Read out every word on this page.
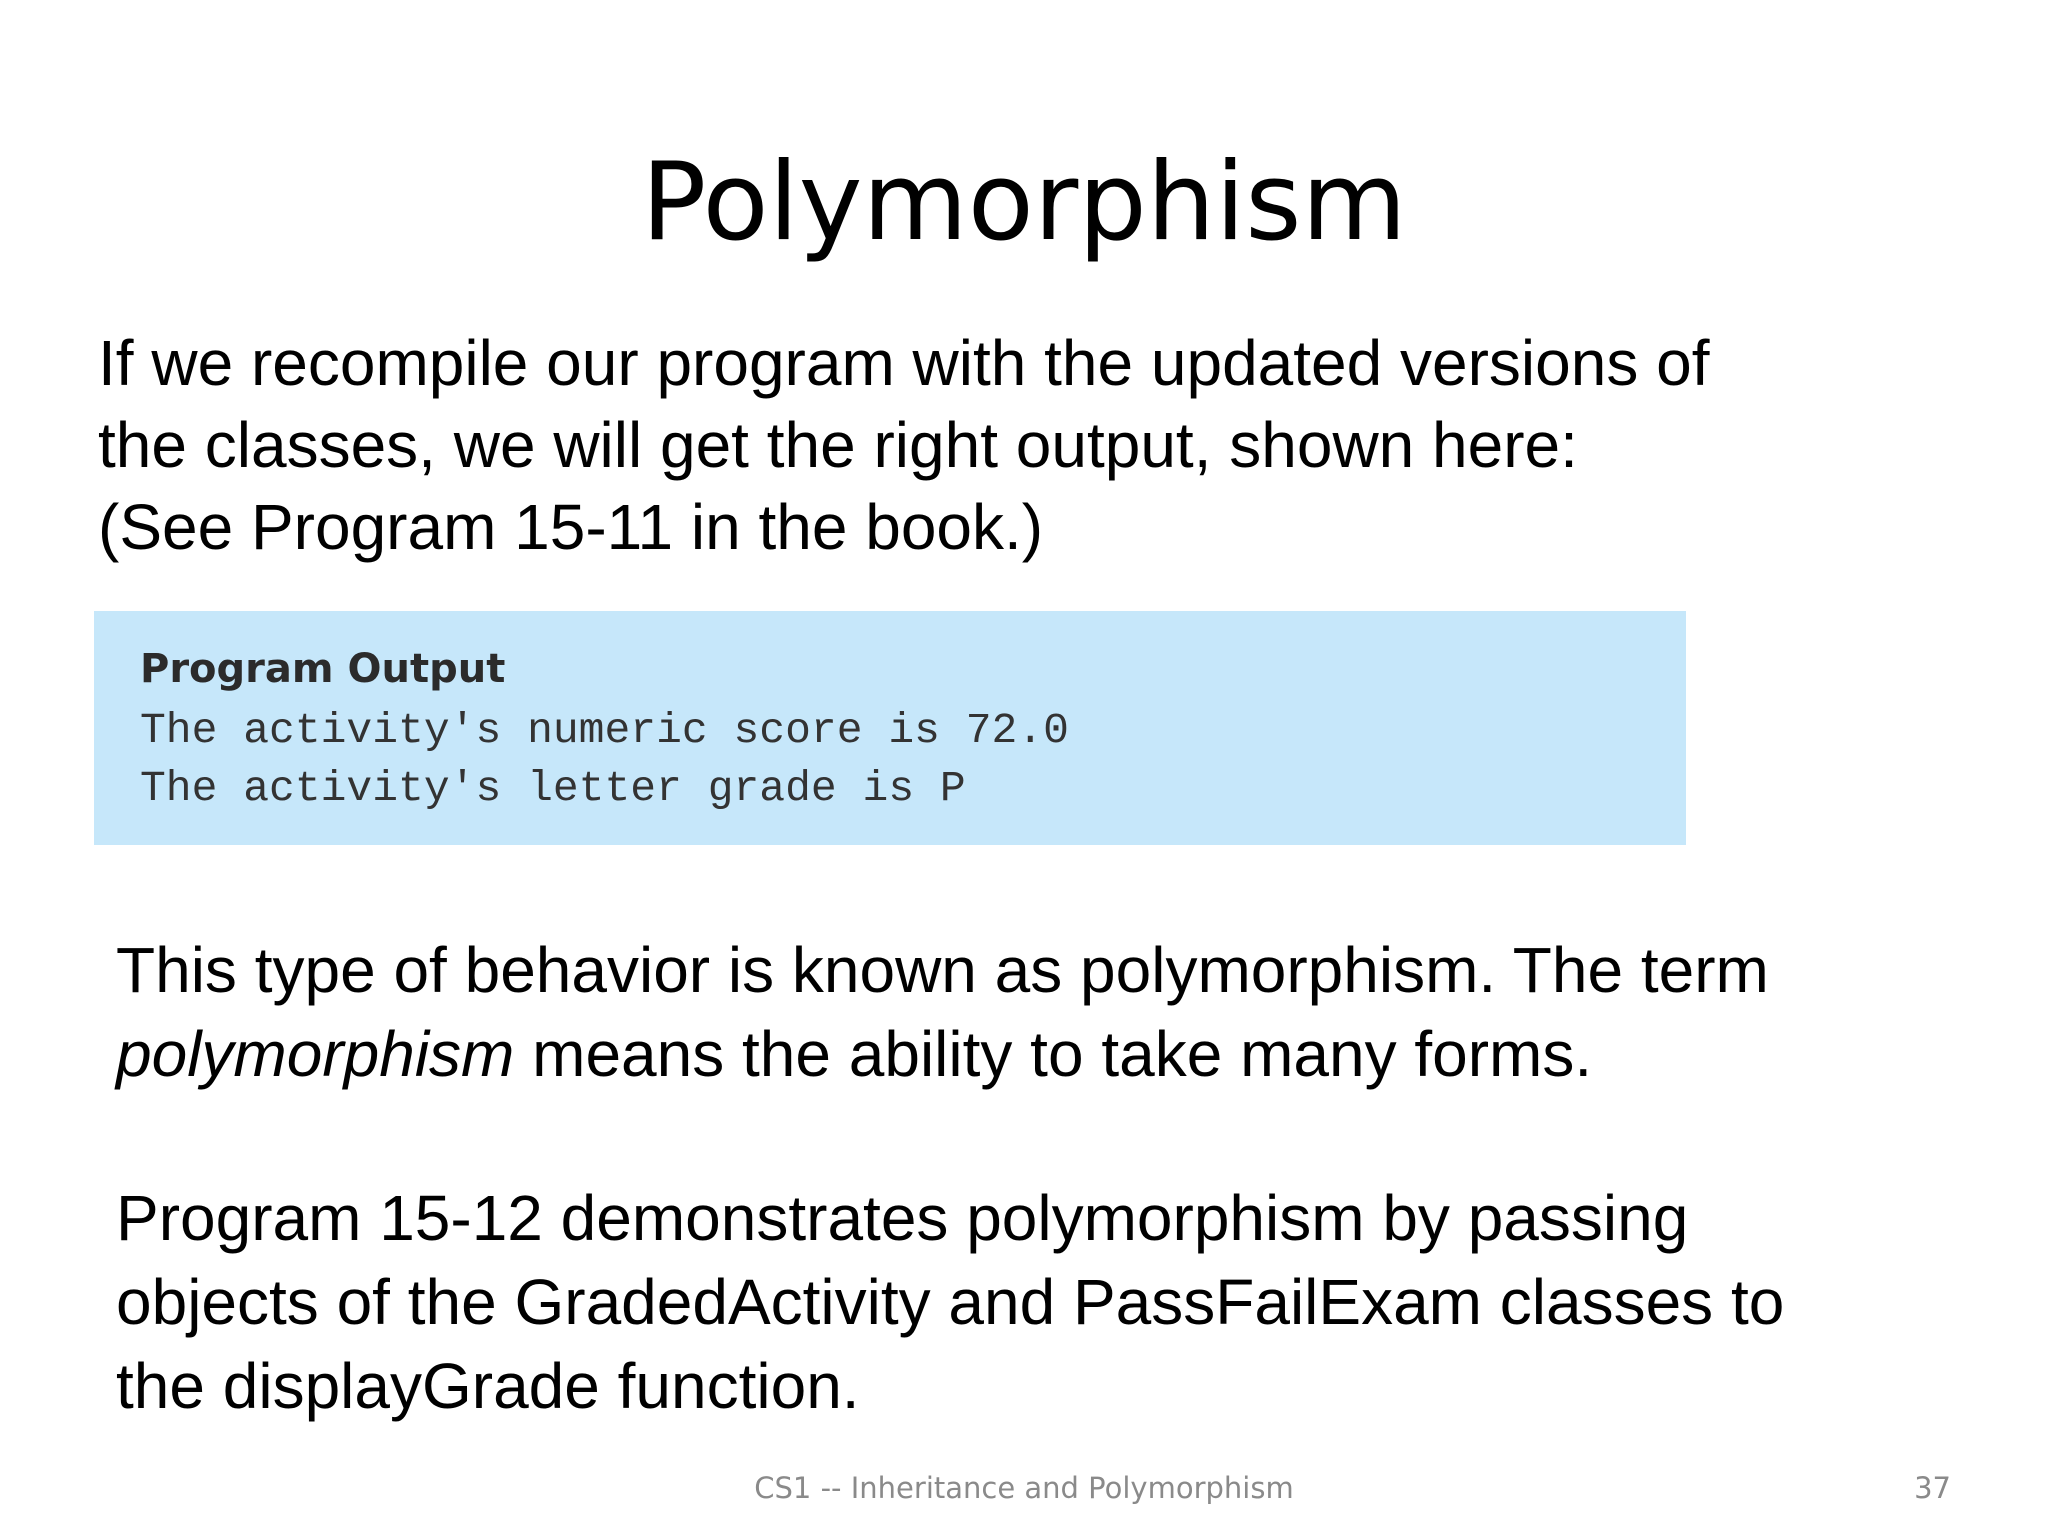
Polymorphism

If we recompile our program with the updated versions of
the classes, we will get the right output, shown here:
(See Program 15-11 in the book.)

Program Output
The activity's numeric score is 72.0
The activity's letter grade is P

This type of behavior is known as polymorphism. The term
polymorphism means the ability to take many forms.

Program 15-12 demonstrates polymorphism by passing
objects of the GradedActivity and PassFailExam classes to
the displayGrade function.

CS1 -- Inheritance and Polymorphism	37
